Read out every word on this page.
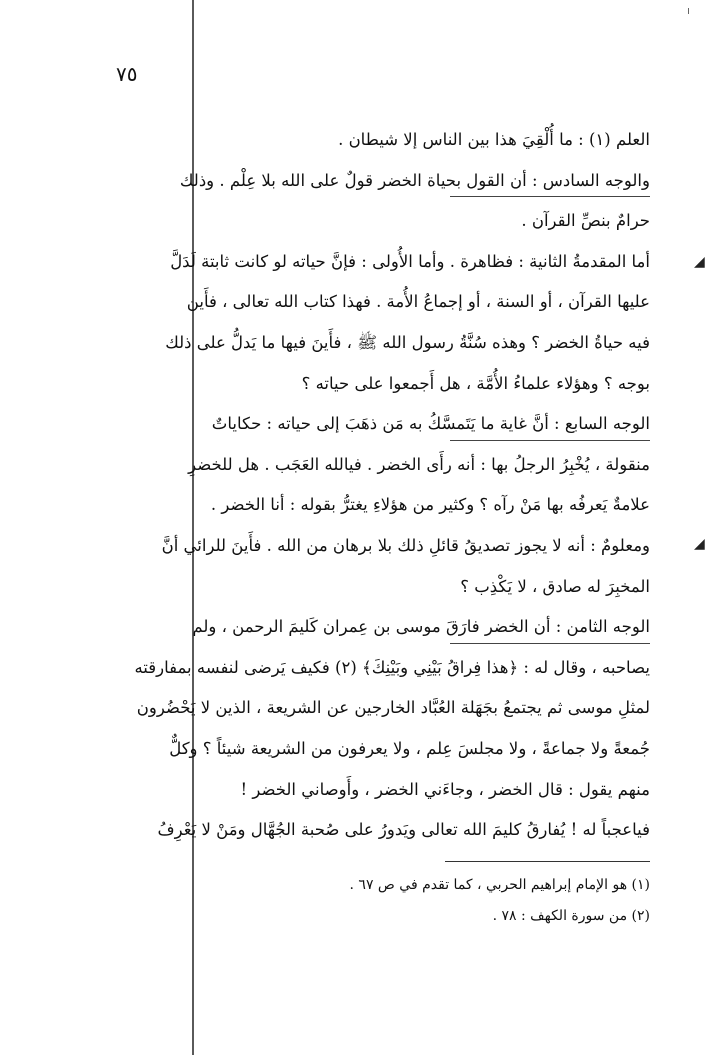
٧٥
◢
◢
العلم (١) : ما أُلْقِيَ هذا بين الناس إلا شيطان .
والوجه السادس : أن القول بحياة الخضر قولٌ على الله بلا عِلْم . وذلك
حرامٌ بنصِّ القرآن .
أما المقدمةُ الثانية : فظاهرة . وأما الأُولى : فإنَّ حياته لو كانت ثابتة لَدَلَّ
عليها القرآن ، أو السنة ، أو إجماعُ الأُمة . فهذا كتاب الله تعالى ، فأَين
فيه حياةُ الخضر ؟ وهذه سُنَّةُ رسول الله ﷺ ، فأَينَ فيها ما يَدلُّ على ذلك
بوجه ؟ وهؤلاء علماءُ الأُمَّة ، هل أَجمعوا على حياته ؟
الوجه السابع : أنَّ غاية ما يَتَمسَّكُ به مَن ذهَبَ إلى حياته : حكاياتٌ
منقولة ، يُخْبِرُ الرجلُ بها : أنه رأَى الخضر . فيالله العَجَب . هل للخضرِ
علامةٌ يَعرفُه بها مَنْ رآه ؟ وكثير من هؤلاءِ يغترُّ بقوله : أنا الخضر .
ومعلومٌ : أنه لا يجوز تصديقُ قائلِ ذلك بلا برهان من الله . فأَينَ للرائي أنَّ
المخبِرَ له صادق ، لا يَكْذِب ؟
الوجه الثامن : أن الخضر فارَقَ موسى بن عِمران كَليمَ الرحمن ، ولم
يصاحبه ، وقال له : ﴿هذا فِراقُ بَيْنِي وبَيْنِكَ﴾ (٢) فكيف يَرضى لنفسه بمفارقته
لمثلِ موسى ثم يجتمعُ بجَهَلة العُبَّاد الخارجين عن الشريعة ، الذين لا يَحْضُرون
جُمعةً ولا جماعةً ، ولا مجلسَ عِلم ، ولا يعرفون من الشريعة شيئاً ؟ وكلٌّ
منهم يقول : قال الخضر ، وجاءَني الخضر ، وأَوصاني الخضر !
فياعجباً له ! يُفارقُ كليمَ الله تعالى ويَدورُ على صُحبة الجُهَّال ومَنْ لا يَعْرِفُ
(١) هو الإمام إبراهيم الحربي ، كما تقدم في ص ٦٧ .
(٢) من سورة الكهف : ٧٨ .
